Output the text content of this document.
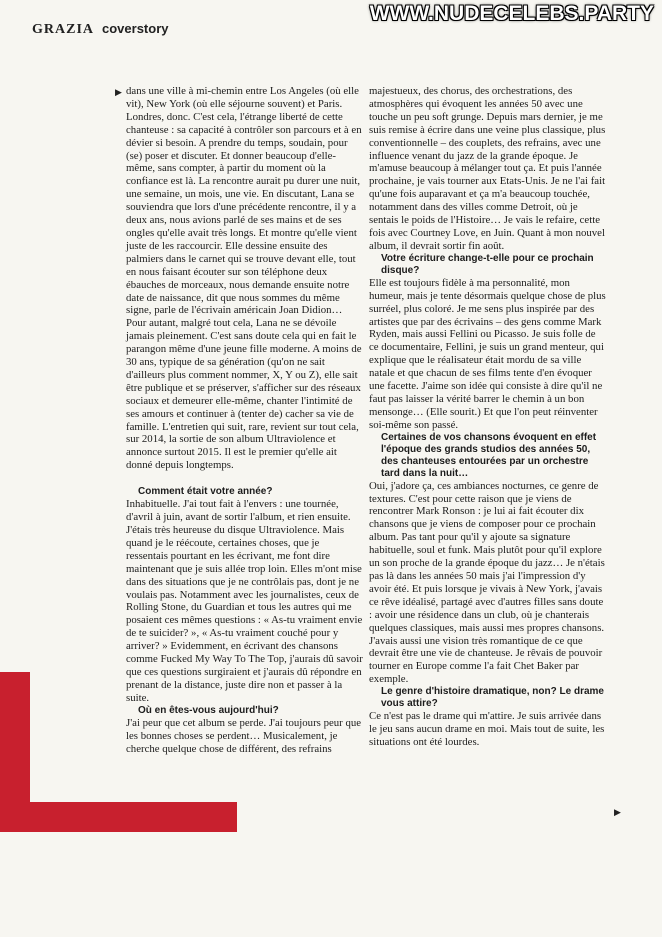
GRAZIA coverstory
WWW.NUDECELEBS.PARTY
▶ dans une ville à mi-chemin entre Los Angeles (où elle vit), New York (où elle séjourne souvent) et Paris. Londres, donc. C'est cela, l'étrange liberté de cette chanteuse : sa capacité à contrôler son parcours et à en dévier si besoin. A prendre du temps, soudain, pour (se) poser et discuter. Et donner beaucoup d'elle-même, sans compter, à partir du moment où la confiance est là. La rencontre aurait pu durer une nuit, une semaine, un mois, une vie. En discutant, Lana se souviendra que lors d'une précédente rencontre, il y a deux ans, nous avions parlé de ses mains et de ses ongles qu'elle avait très longs. Et montre qu'elle vient juste de les raccourcir. Elle dessine ensuite des palmiers dans le carnet qui se trouve devant elle, tout en nous faisant écouter sur son téléphone deux ébauches de morceaux, nous demande ensuite notre date de naissance, dit que nous sommes du même signe, parle de l'écrivain américain Joan Didion… Pour autant, malgré tout cela, Lana ne se dévoile jamais pleinement. C'est sans doute cela qui en fait le parangon même d'une jeune fille moderne. A moins de 30 ans, typique de sa génération (qu'on ne sait d'ailleurs plus comment nommer, X, Y ou Z), elle sait être publique et se préserver, s'afficher sur des réseaux sociaux et demeurer elle-même, chanter l'intimité de ses amours et continuer à (tenter de) cacher sa vie de famille. L'entretien qui suit, rare, revient sur tout cela, sur 2014, la sortie de son album Ultraviolence et annonce surtout 2015. Il est le premier qu'elle ait donné depuis longtemps.

Comment était votre année?

Inhabituelle. J'ai tout fait à l'envers : une tournée, d'avril à juin, avant de sortir l'album, et rien ensuite. J'étais très heureuse du disque Ultraviolence. Mais quand je le réécoute, certaines choses, que je ressentais pourtant en les écrivant, me font dire maintenant que je suis allée trop loin. Elles m'ont mise dans des situations que je ne contrôlais pas, dont je ne voulais pas. Notamment avec les journalistes, ceux de Rolling Stone, du Guardian et tous les autres qui me posaient ces mêmes questions : « As-tu vraiment envie de te suicider? », « As-tu vraiment couché pour y arriver? » Evidemment, en écrivant des chansons comme Fucked My Way To The Top, j'aurais dû savoir que ces questions surgiraient et j'aurais dû répondre en prenant de la distance, juste dire non et passer à la suite.

Où en êtes-vous aujourd'hui?

J'ai peur que cet album se perde. J'ai toujours peur que les bonnes choses se perdent… Musicalement, je cherche quelque chose de différent, des refrains

majestueux, des chorus, des orchestrations, des atmosphères qui évoquent les années 50 avec une touche un peu soft grunge. Depuis mars dernier, je me suis remise à écrire dans une veine plus classique, plus conventionnelle – des couplets, des refrains, avec une influence venant du jazz de la grande époque. Je m'amuse beaucoup à mélanger tout ça. Et puis l'année prochaine, je vais tourner aux Etats-Unis. Je ne l'ai fait qu'une fois auparavant et ça m'a beaucoup touchée, notamment dans des villes comme Detroit, où je sentais le poids de l'Histoire… Je vais le refaire, cette fois avec Courtney Love, en Juin. Quant à mon nouvel album, il devrait sortir fin août.

Votre écriture change-t-elle pour ce prochain disque?

Elle est toujours fidèle à ma personnalité, mon humeur, mais je tente désormais quelque chose de plus surréel, plus coloré. Je me sens plus inspirée par des artistes que par des écrivains – des gens comme Mark Ryden, mais aussi Fellini ou Picasso. Je suis folle de ce documentaire, Fellini, je suis un grand menteur, qui explique que le réalisateur était mordu de sa ville natale et que chacun de ses films tente d'en évoquer une facette. J'aime son idée qui consiste à dire qu'il ne faut pas laisser la vérité barrer le chemin à un bon mensonge… (Elle sourit.) Et que l'on peut réinventer soi-même son passé.

Certaines de vos chansons évoquent en effet l'époque des grands studios des années 50, des chanteuses entourées par un orchestre tard dans la nuit…

Oui, j'adore ça, ces ambiances nocturnes, ce genre de textures. C'est pour cette raison que je viens de rencontrer Mark Ronson : je lui ai fait écouter dix chansons que je viens de composer pour ce prochain album. Pas tant pour qu'il y ajoute sa signature habituelle, soul et funk. Mais plutôt pour qu'il explore un son proche de la grande époque du jazz… Je n'étais pas là dans les années 50 mais j'ai l'impression d'y avoir été. Et puis lorsque je vivais à New York, j'avais ce rêve idéalisé, partagé avec d'autres filles sans doute : avoir une résidence dans un club, où je chanterais quelques classiques, mais aussi mes propres chansons. J'avais aussi une vision très romantique de ce que devrait être une vie de chanteuse. Je rêvais de pouvoir tourner en Europe comme l'a fait Chet Baker par exemple.

Le genre d'histoire dramatique, non? Le drame vous attire?

Ce n'est pas le drame qui m'attire. Je suis arrivée dans le jeu sans aucun drame en moi. Mais tout de suite, les situations ont été lourdes.

▶
